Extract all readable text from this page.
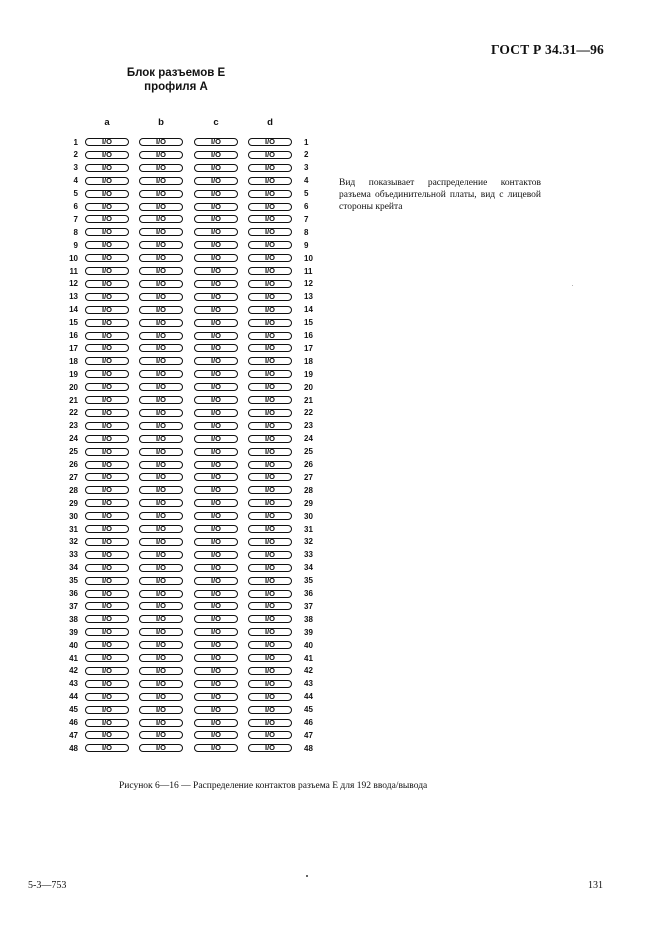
ГОСТ Р 34.31—96
Блок разъемов Е
профиля А
a	b	c	d
1	I/O	I/O	I/O	I/O	1
2	I/O	I/O	I/O	I/O	2
3	I/O	I/O	I/O	I/O	3
4	I/O	I/O	I/O	I/O	4
5	I/O	I/O	I/O	I/O	5
6	I/O	I/O	I/O	I/O	6
7	I/O	I/O	I/O	I/O	7
8	I/O	I/O	I/O	I/O	8
9	I/O	I/O	I/O	I/O	9
10	I/O	I/O	I/O	I/O	10
11	I/O	I/O	I/O	I/O	11
12	I/O	I/O	I/O	I/O	12
13	I/O	I/O	I/O	I/O	13
14	I/O	I/O	I/O	I/O	14
15	I/O	I/O	I/O	I/O	15
16	I/O	I/O	I/O	I/O	16
17	I/O	I/O	I/O	I/O	17
18	I/O	I/O	I/O	I/O	18
19	I/O	I/O	I/O	I/O	19
20	I/O	I/O	I/O	I/O	20
21	I/O	I/O	I/O	I/O	21
22	I/O	I/O	I/O	I/O	22
23	I/O	I/O	I/O	I/O	23
24	I/O	I/O	I/O	I/O	24
25	I/O	I/O	I/O	I/O	25
26	I/O	I/O	I/O	I/O	26
27	I/O	I/O	I/O	I/O	27
28	I/O	I/O	I/O	I/O	28
29	I/O	I/O	I/O	I/O	29
30	I/O	I/O	I/O	I/O	30
31	I/O	I/O	I/O	I/O	31
32	I/O	I/O	I/O	I/O	32
33	I/O	I/O	I/O	I/O	33
34	I/O	I/O	I/O	I/O	34
35	I/O	I/O	I/O	I/O	35
36	I/O	I/O	I/O	I/O	36
37	I/O	I/O	I/O	I/O	37
38	I/O	I/O	I/O	I/O	38
39	I/O	I/O	I/O	I/O	39
40	I/O	I/O	I/O	I/O	40
41	I/O	I/O	I/O	I/O	41
42	I/O	I/O	I/O	I/O	42
43	I/O	I/O	I/O	I/O	43
44	I/O	I/O	I/O	I/O	44
45	I/O	I/O	I/O	I/O	45
46	I/O	I/O	I/O	I/O	46
47	I/O	I/O	I/O	I/O	47
48	I/O	I/O	I/O	I/O	48
Вид показывает распределение контактов разъема объединительной платы, вид с лицевой стороны крейта
Рисунок 6—16 — Распределение контактов разъема E для 192 ввода/вывода
5-3—753	131
